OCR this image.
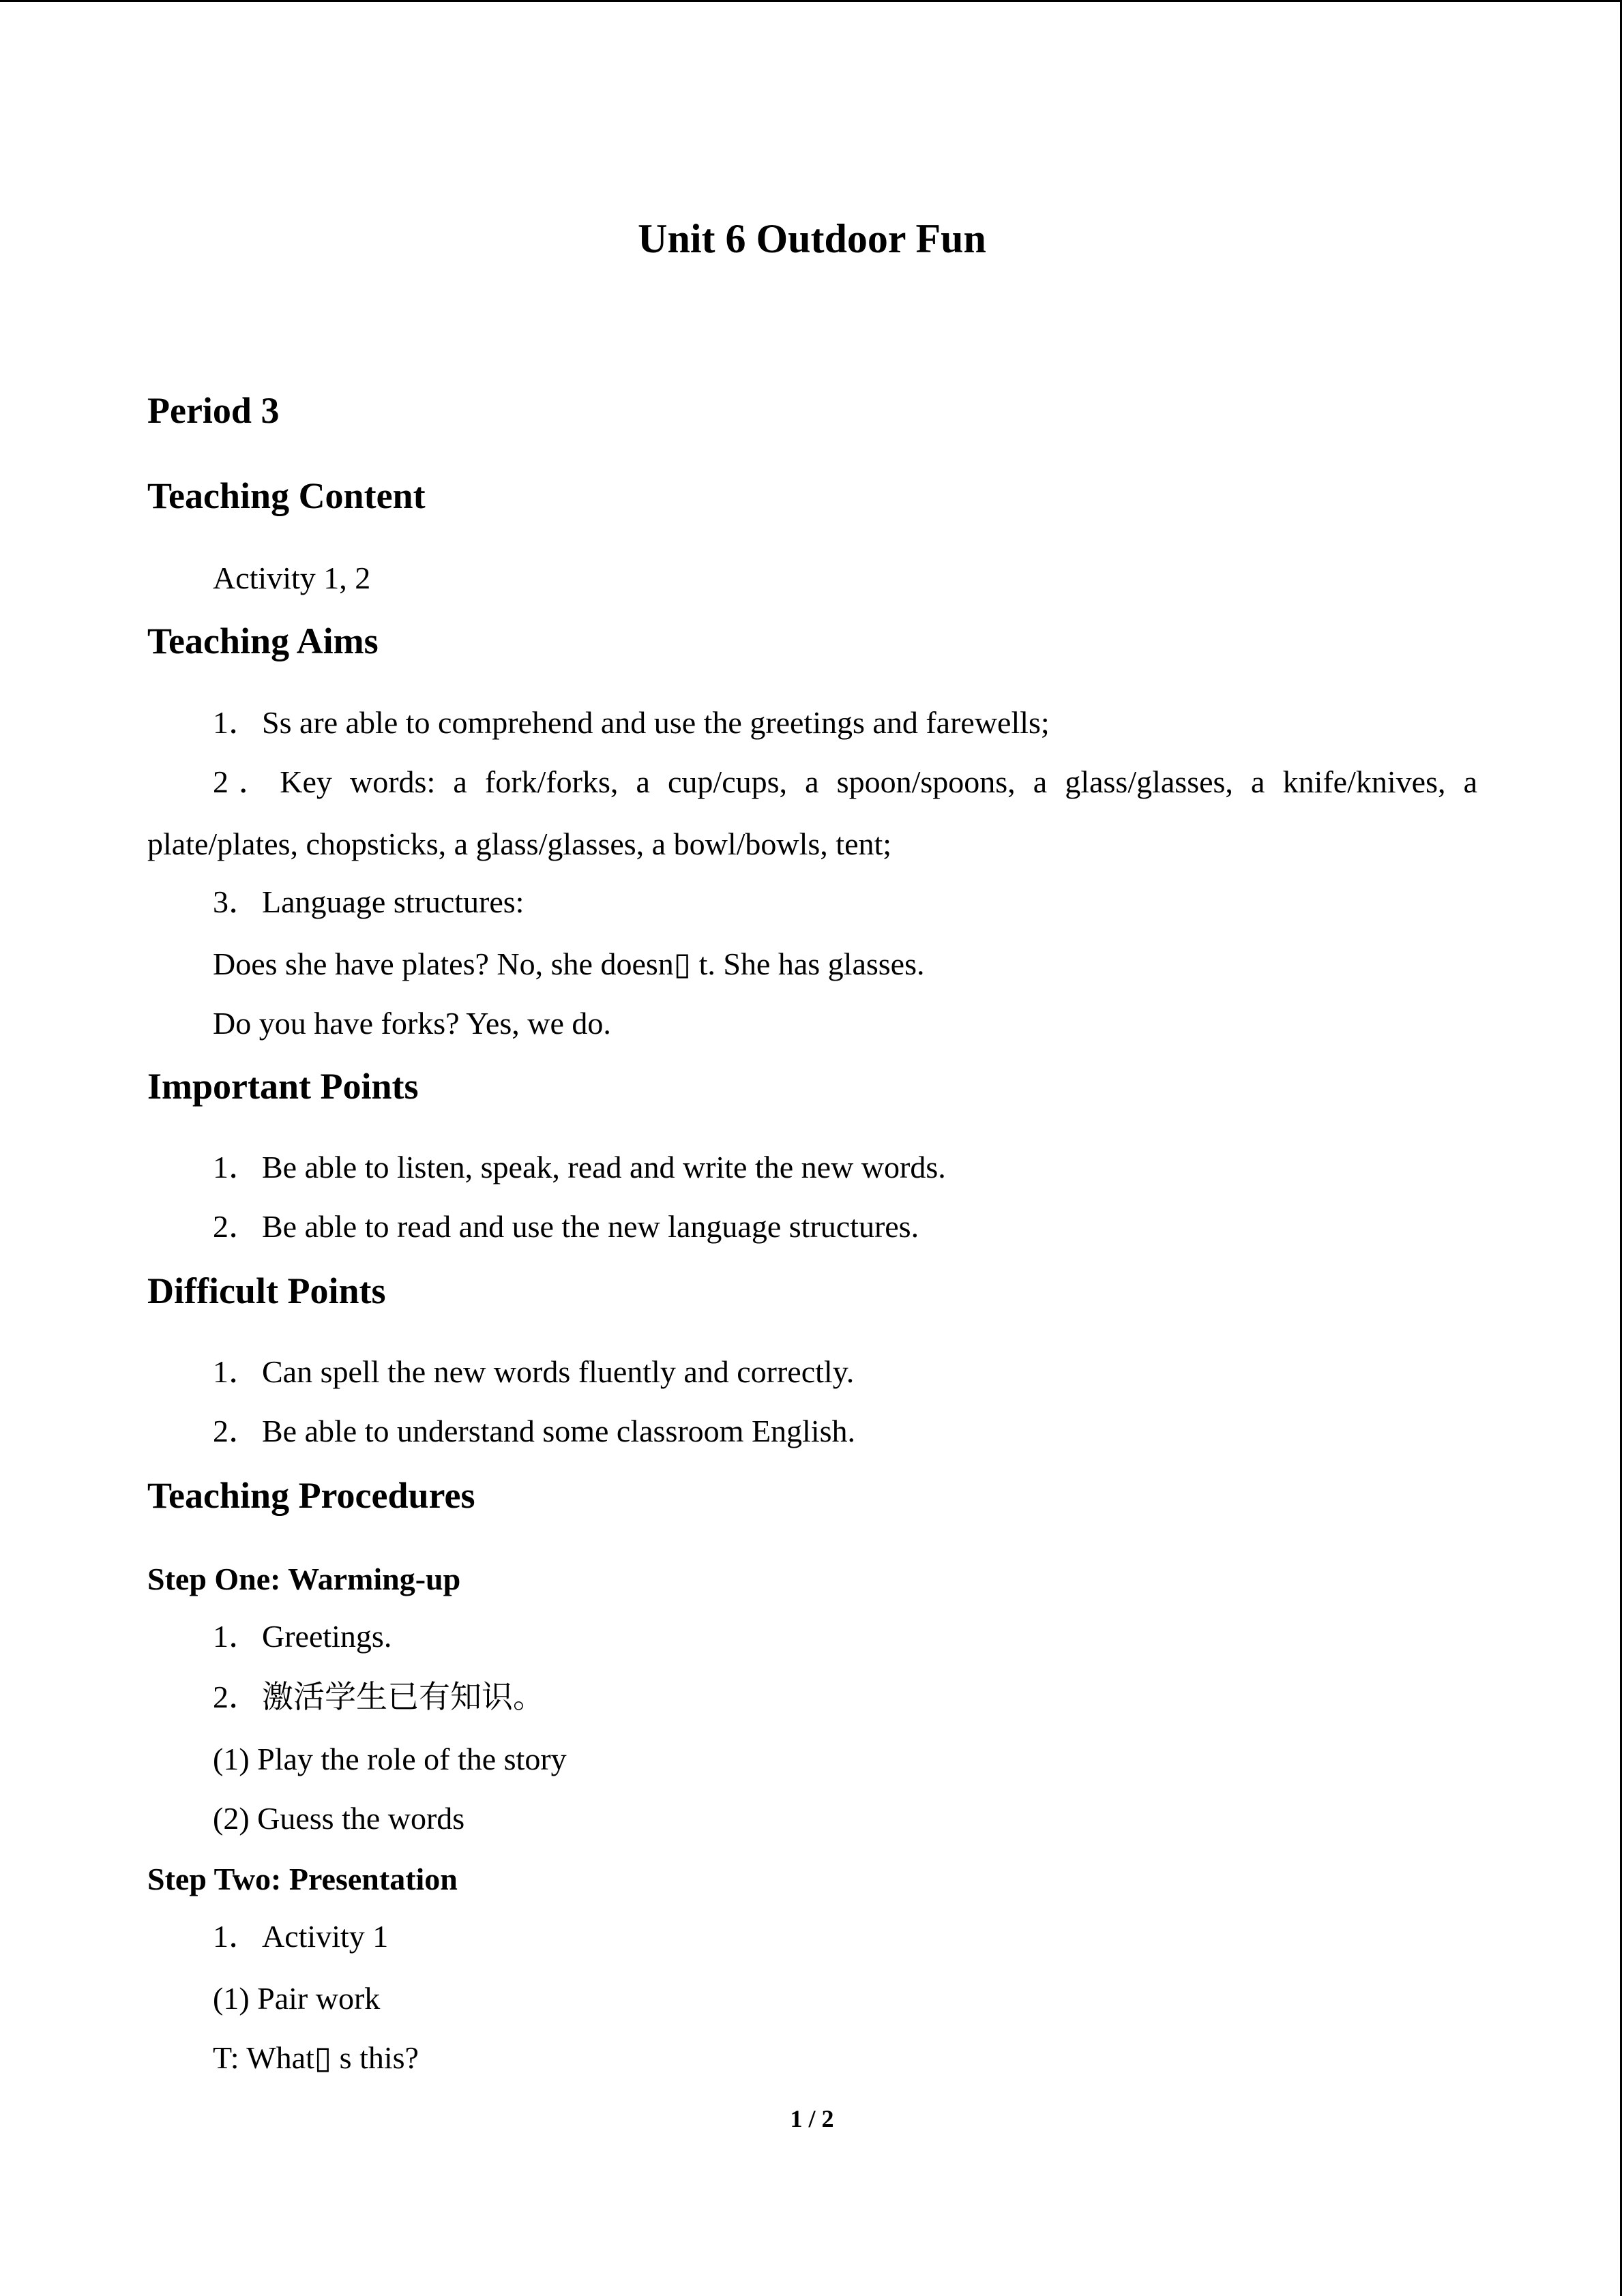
Unit 6 Outdoor Fun
Period 3
Teaching Content
Activity 1, 2
Teaching Aims
1．Ss are able to comprehend and use the greetings and farewells;
2．Key words: a fork/forks, a cup/cups, a spoon/spoons, a glass/glasses, a knife/knives, a
plate/plates, chopsticks, a glass/glasses, a bowl/bowls, tent;
3．Language structures:
Does she have plates? No, she doesn▯ t. She has glasses.
Do you have forks? Yes, we do.
Important Points
1．Be able to listen, speak, read and write the new words.
2．Be able to read and use the new language structures.
Difficult Points
1．Can spell the new words fluently and correctly.
2．Be able to understand some classroom English.
Teaching Procedures
Step One: Warming-up
1．Greetings.
2．激活学生已有知识。
(1) Play the role of the story
(2) Guess the words
Step Two: Presentation
1．Activity 1
(1) Pair work
T: What▯ s this?
1 / 2
